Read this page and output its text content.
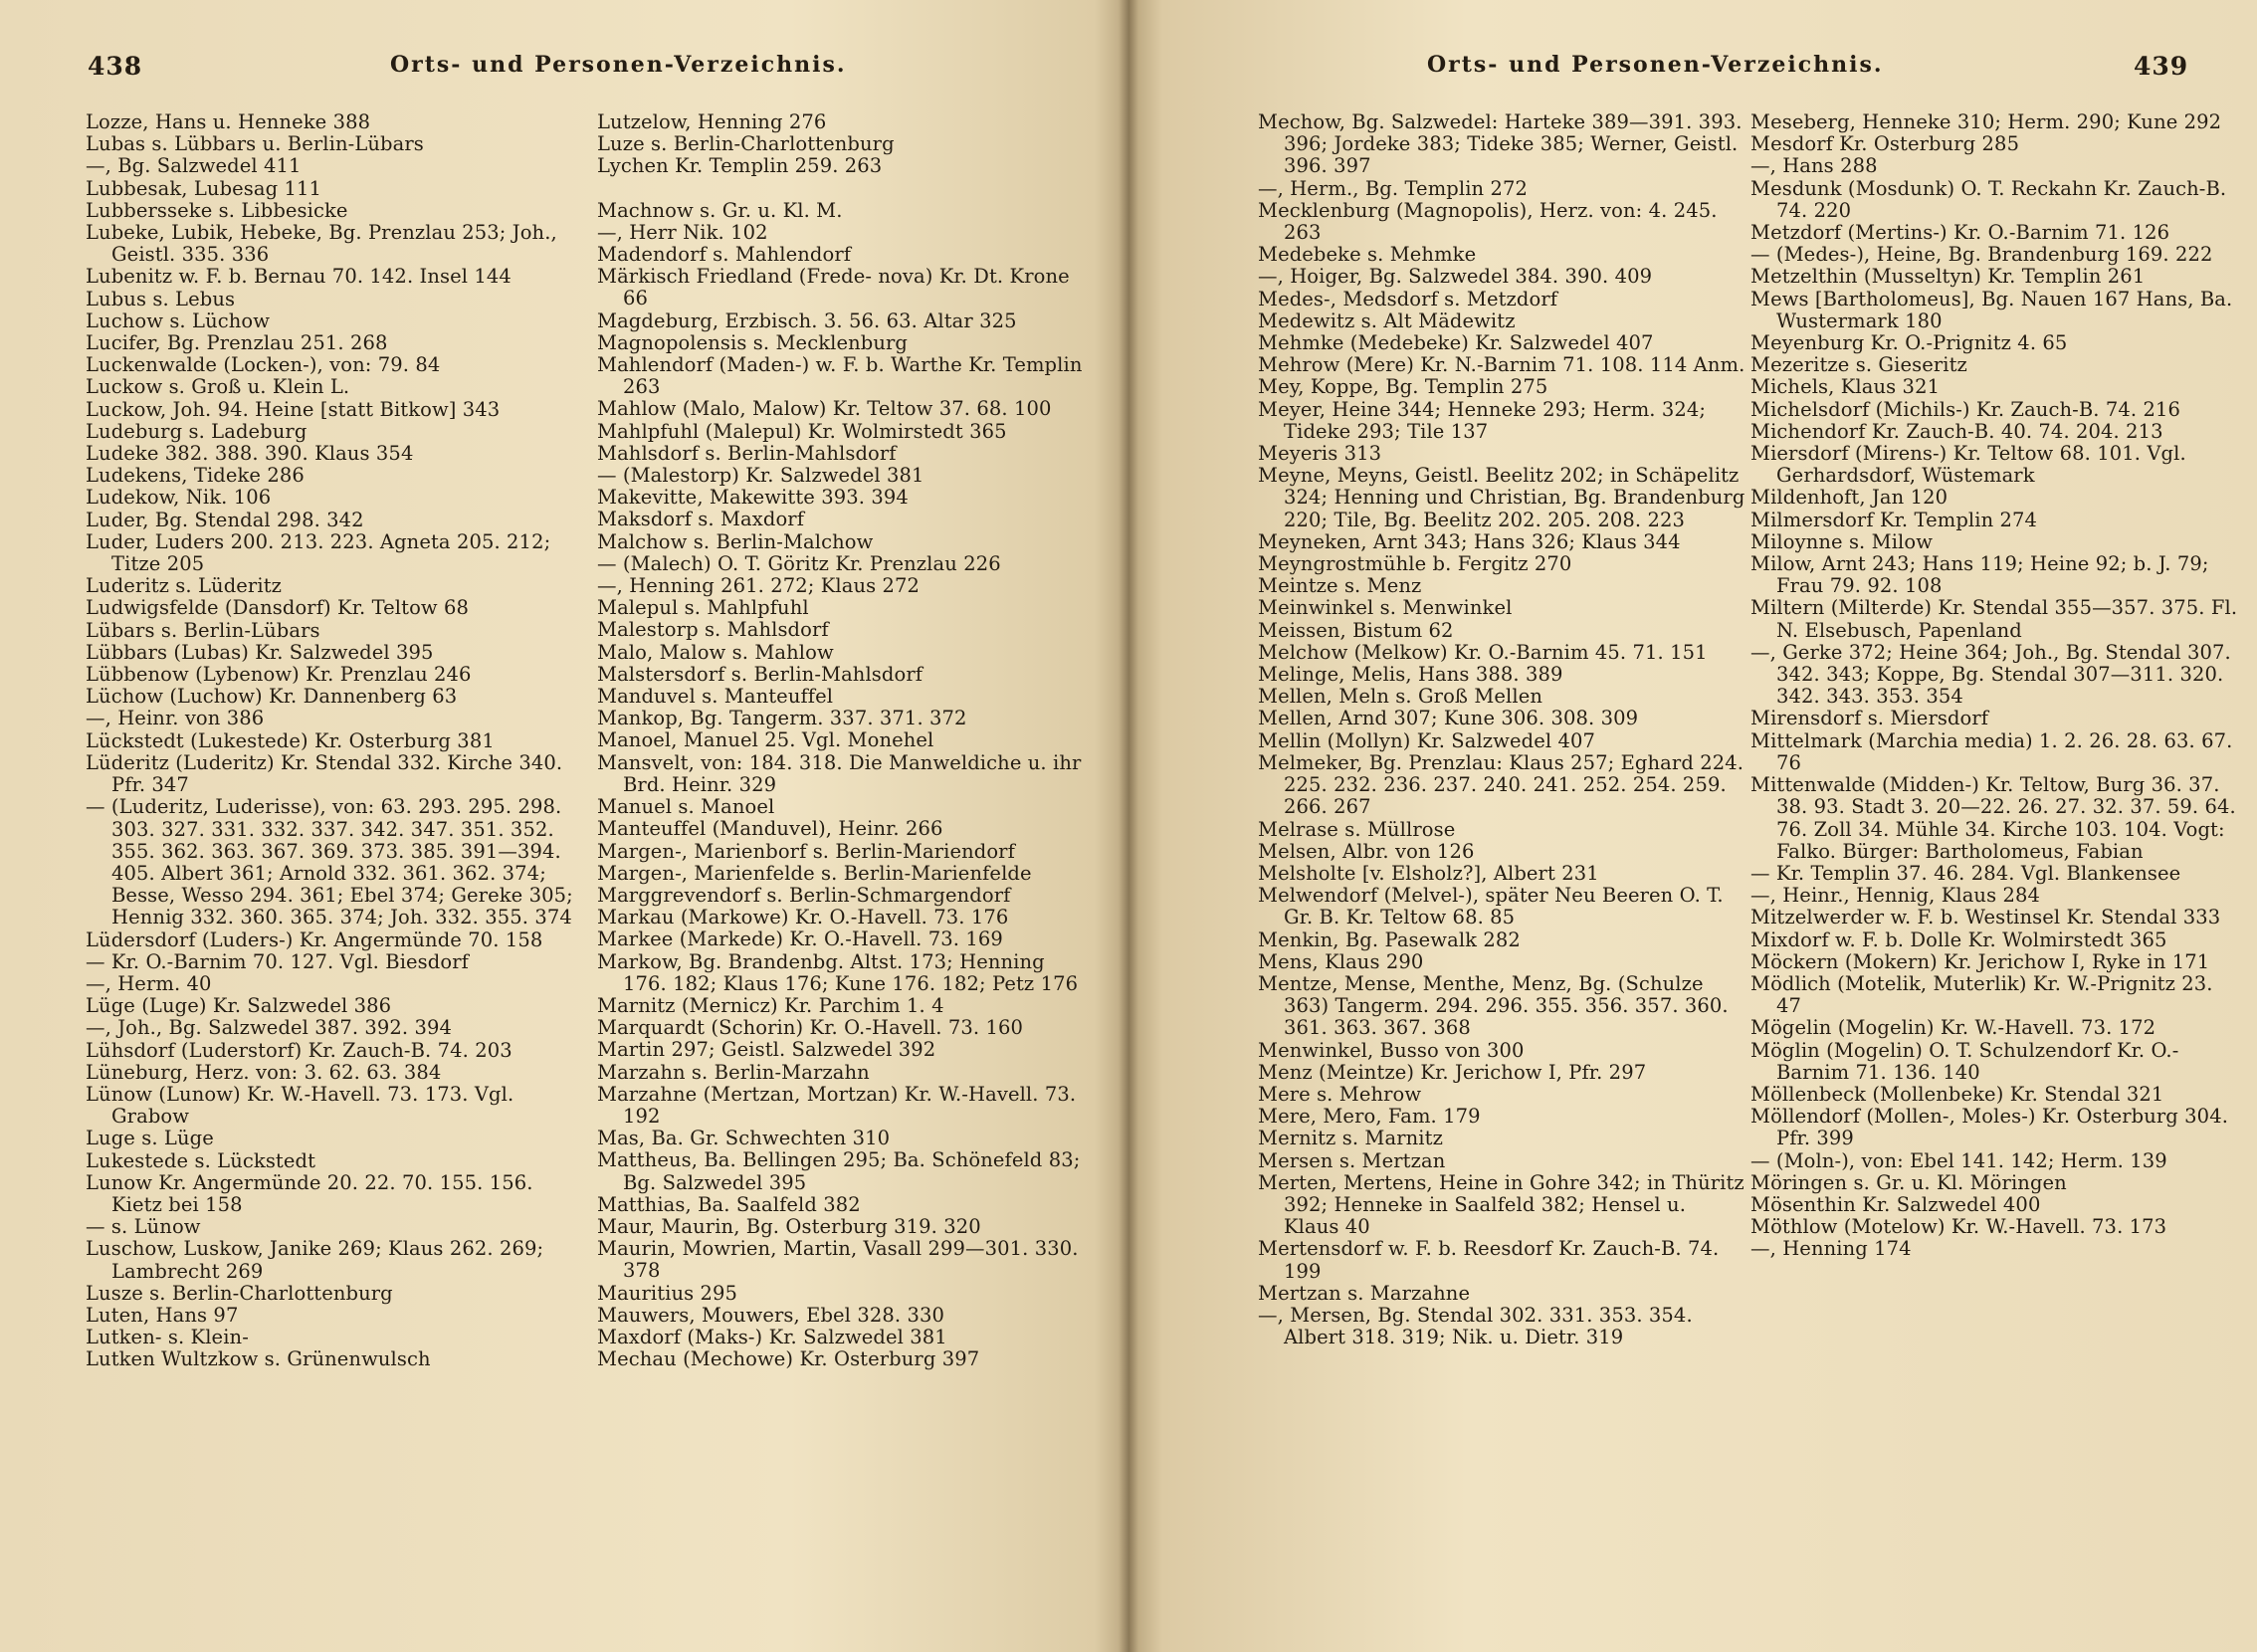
438	Orts- und Personen-Verzeichnis.
Lozze, Hans u. Henneke 388
Lubas s. Lübbars u. Berlin-Lübars
—, Bg. Salzwedel 411
Lubbesak, Lubesag 111
Lubbersseke s. Libbesicke
Lubeke, Lubik, Hebeke, Bg. Prenzlau 253; Joh., Geistl. 335. 336
Lubenitz w. F. b. Bernau 70. 142. Insel 144
Lubus s. Lebus
Luchow s. Lüchow
Lucifer, Bg. Prenzlau 251. 268
Luckenwalde (Locken-), von: 79. 84
Luckow s. Groß u. Klein L.
Luckow, Joh. 94. Heine [statt Bitkow] 343
Ludeburg s. Ladeburg
Ludeke 382. 388. 390. Klaus 354
Ludekens, Tideke 286
Ludekow, Nik. 106
Luder, Bg. Stendal 298. 342
Luder, Luders 200. 213. 223. Agneta 205. 212; Titze 205
Luderitz s. Lüderitz
Ludwigsfelde (Dansdorf) Kr. Teltow 68
Lübars s. Berlin-Lübars
Lübbars (Lubas) Kr. Salzwedel 395
Lübbenow (Lybenow) Kr. Prenzlau 246
Lüchow (Luchow) Kr. Dannenberg 63
—, Heinr. von 386
Lückstedt (Lukestede) Kr. Osterburg 381
Lüderitz (Luderitz) Kr. Stendal 332. Kirche 340. Pfr. 347
— (Luderitz, Luderisse), von: 63. 293. 295. 298. 303. 327. 331. 332. 337. 342. 347. 351. 352. 355. 362. 363. 367. 369. 373. 385. 391—394. 405. Albert 361; Arnold 332. 361. 362. 374; Besse, Wesso 294. 361; Ebel 374; Gereke 305; Hennig 332. 360. 365. 374; Joh. 332. 355. 374
Lüdersdorf (Luders-) Kr. Angermünde 70. 158
— Kr. O.-Barnim 70. 127. Vgl. Biesdorf
—, Herm. 40
Lüge (Luge) Kr. Salzwedel 386
—, Joh., Bg. Salzwedel 387. 392. 394
Lühsdorf (Luderstorf) Kr. Zauch-B. 74. 203
Lüneburg, Herz. von: 3. 62. 63. 384
Lünow (Lunow) Kr. W.-Havell. 73. 173. Vgl. Grabow
Luge s. Lüge
Lukestede s. Lückstedt
Lunow Kr. Angermünde 20. 22. 70. 155. 156. Kietz bei 158
— s. Lünow
Luschow, Luskow, Janike 269; Klaus 262. 269; Lambrecht 269
Lusze s. Berlin-Charlottenburg
Luten, Hans 97
Lutken- s. Klein-
Lutken Wultzkow s. Grünenwulsch
Lutzelow, Henning 276
Luze s. Berlin-Charlottenburg
Lychen Kr. Templin 259. 263
Machnow s. Gr. u. Kl. M.
—, Herr Nik. 102
Madendorf s. Mahlendorf
Märkisch Friedland (Frede- nova) Kr. Dt. Krone 66
Magdeburg, Erzbisch. 3. 56. 63. Altar 325
Magnopolensis s. Mecklenburg
Mahlendorf (Maden-) w. F. b. Warthe Kr. Templin 263
Mahlow (Malo, Malow) Kr. Teltow 37. 68. 100
Mahlpfuhl (Malepul) Kr. Wolmirstedt 365
Mahlsdorf s. Berlin-Mahlsdorf
— (Malestorp) Kr. Salzwedel 381
Makevitte, Makewitte 393. 394
Maksdorf s. Maxdorf
Malchow s. Berlin-Malchow
— (Malech) O. T. Göritz Kr. Prenzlau 226
—, Henning 261. 272; Klaus 272
Malepul s. Mahlpfuhl
Malestorp s. Mahlsdorf
Malo, Malow s. Mahlow
Malstersdorf s. Berlin-Mahlsdorf
Manduvel s. Manteuffel
Mankop, Bg. Tangerm. 337. 371. 372
Manoel, Manuel 25. Vgl. Monehel
Mansvelt, von: 184. 318. Die Manweldiche u. ihr Brd. Heinr. 329
Manuel s. Manoel
Manteuffel (Manduvel), Heinr. 266
Margen-, Marienborf s. Berlin-Mariendorf
Margen-, Marienfelde s. Berlin-Marienfelde
Marggrevendorf s. Berlin-Schmargendorf
Markau (Markowe) Kr. O.-Havell. 73. 176
Markee (Markede) Kr. O.-Havell. 73. 169
Markow, Bg. Brandenbg. Altst. 173; Henning 176. 182; Klaus 176; Kune 176. 182; Petz 176
Marnitz (Mernicz) Kr. Parchim 1. 4
Marquardt (Schorin) Kr. O.-Havell. 73. 160
Martin 297; Geistl. Salzwedel 392
Marzahn s. Berlin-Marzahn
Marzahne (Mertzan, Mortzan) Kr. W.-Havell. 73. 192
Mas, Ba. Gr. Schwechten 310
Mattheus, Ba. Bellingen 295; Ba. Schönefeld 83; Bg. Salzwedel 395
Matthias, Ba. Saalfeld 382
Maur, Maurin, Bg. Osterburg 319. 320
Maurin, Mowrien, Martin, Vasall 299—301. 330. 378
Mauritius 295
Mauwers, Mouwers, Ebel 328. 330
Maxdorf (Maks-) Kr. Salzwedel 381
Mechau (Mechowe) Kr. Osterburg 397
Orts- und Personen-Verzeichnis.	439
Mechow, Bg. Salzwedel: Harteke 389—391. 393. 396; Jordeke 383; Tideke 385; Werner, Geistl. 396. 397
—, Herm., Bg. Templin 272
Mecklenburg (Magnopolis), Herz. von: 4. 245. 263
Medebeke s. Mehmke
—, Hoiger, Bg. Salzwedel 384. 390. 409
Medes-, Medsdorf s. Metzdorf
Medewitz s. Alt Mädewitz
Mehmke (Medebeke) Kr. Salzwedel 407
Mehrow (Mere) Kr. N.-Barnim 71. 108. 114 Anm.
Mey, Koppe, Bg. Templin 275
Meyer, Heine 344; Henneke 293; Herm. 324; Tideke 293; Tile 137
Meyeris 313
Meyne, Meyns, Geistl. Beelitz 202; in Schäpelitz 324; Henning und Christian, Bg. Brandenburg 220; Tile, Bg. Beelitz 202. 205. 208. 223
Meyneken, Arnt 343; Hans 326; Klaus 344
Meyngrostmühle b. Fergitz 270
Meintze s. Menz
Meinwinkel s. Menwinkel
Meissen, Bistum 62
Melchow (Melkow) Kr. O.-Barnim 45. 71. 151
Melinge, Melis, Hans 388. 389
Mellen, Meln s. Groß Mellen
Mellen, Arnd 307; Kune 306. 308. 309
Mellin (Mollyn) Kr. Salzwedel 407
Melmeker, Bg. Prenzlau: Klaus 257; Eghard 224. 225. 232. 236. 237. 240. 241. 252. 254. 259. 266. 267
Melrase s. Müllrose
Melsen, Albr. von 126
Melsholte [v. Elsholz?], Albert 231
Melwendorf (Melvel-), später Neu Beeren O. T. Gr. B. Kr. Teltow 68. 85
Menkin, Bg. Pasewalk 282
Mens, Klaus 290
Mentze, Mense, Menthe, Menz, Bg. (Schulze 363) Tangerm. 294. 296. 355. 356. 357. 360. 361. 363. 367. 368
Menwinkel, Busso von 300
Menz (Meintze) Kr. Jerichow I, Pfr. 297
Mere s. Mehrow
Mere, Mero, Fam. 179
Mernitz s. Marnitz
Mersen s. Mertzan
Merten, Mertens, Heine in Gohre 342; in Thüritz 392; Henneke in Saalfeld 382; Hensel u. Klaus 40
Mertensdorf w. F. b. Reesdorf Kr. Zauch-B. 74. 199
Mertzan s. Marzahne
—, Mersen, Bg. Stendal 302. 331. 353. 354. Albert 318. 319; Nik. u. Dietr. 319
Meseberg, Henneke 310; Herm. 290; Kune 292
Mesdorf Kr. Osterburg 285
—, Hans 288
Mesdunk (Mosdunk) O. T. Reckahn Kr. Zauch-B. 74. 220
Metzdorf (Mertins-) Kr. O.-Barnim 71. 126
— (Medes-), Heine, Bg. Brandenburg 169. 222
Metzelthin (Musseltyn) Kr. Templin 261
Mews [Bartholomeus], Bg. Nauen 167 Hans, Ba. Wustermark 180
Meyenburg Kr. O.-Prignitz 4. 65
Mezeritze s. Gieseritz
Michels, Klaus 321
Michelsdorf (Michils-) Kr. Zauch-B. 74. 216
Michendorf Kr. Zauch-B. 40. 74. 204. 213
Miersdorf (Mirens-) Kr. Teltow 68. 101. Vgl. Gerhardsdorf, Wüstemark
Mildenhoft, Jan 120
Milmersdorf Kr. Templin 274
Miloynne s. Milow
Milow, Arnt 243; Hans 119; Heine 92; b. J. 79; Frau 79. 92. 108
Miltern (Milterde) Kr. Stendal 355—357. 375. Fl. N. Elsebusch, Papenland
—, Gerke 372; Heine 364; Joh., Bg. Stendal 307. 342. 343; Koppe, Bg. Stendal 307—311. 320. 342. 343. 353. 354
Mirensdorf s. Miersdorf
Mittelmark (Marchia media) 1. 2. 26. 28. 63. 67. 76
Mittenwalde (Midden-) Kr. Teltow, Burg 36. 37. 38. 93. Stadt 3. 20—22. 26. 27. 32. 37. 59. 64. 76. Zoll 34. Mühle 34. Kirche 103. 104. Vogt: Falko. Bürger: Bartholomeus, Fabian
— Kr. Templin 37. 46. 284. Vgl. Blankensee
—, Heinr., Hennig, Klaus 284
Mitzelwerder w. F. b. Westinsel Kr. Stendal 333
Mixdorf w. F. b. Dolle Kr. Wolmirstedt 365
Möckern (Mokern) Kr. Jerichow I, Ryke in 171
Mödlich (Motelik, Muterlik) Kr. W.-Prignitz 23. 47
Mögelin (Mogelin) Kr. W.-Havell. 73. 172
Möglin (Mogelin) O. T. Schulzendorf Kr. O.-Barnim 71. 136. 140
Möllenbeck (Mollenbeke) Kr. Stendal 321
Möllendorf (Mollen-, Moles-) Kr. Osterburg 304. Pfr. 399
— (Moln-), von: Ebel 141. 142; Herm. 139
Möringen s. Gr. u. Kl. Möringen
Mösenthin Kr. Salzwedel 400
Möthlow (Motelow) Kr. W.-Havell. 73. 173
—, Henning 174
